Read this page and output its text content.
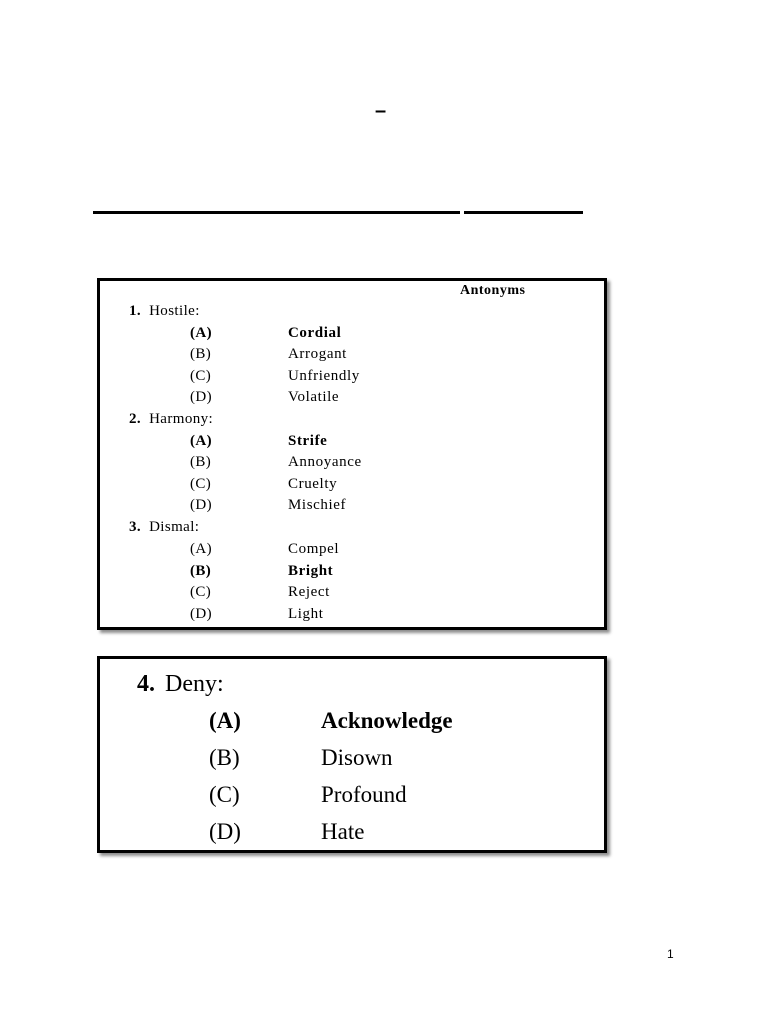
–
Antonyms
1. Hostile:
(A)	Cordial
(B)	Arrogant
(C)	Unfriendly
(D)	Volatile
2. Harmony:
(A)	Strife
(B)	Annoyance
(C)	Cruelty
(D)	Mischief
3. Dismal:
(A)	Compel
(B)	Bright
(C)	Reject
(D)	Light
4. Deny:
(A)	Acknowledge
(B)	Disown
(C)	Profound
(D)	Hate
1
